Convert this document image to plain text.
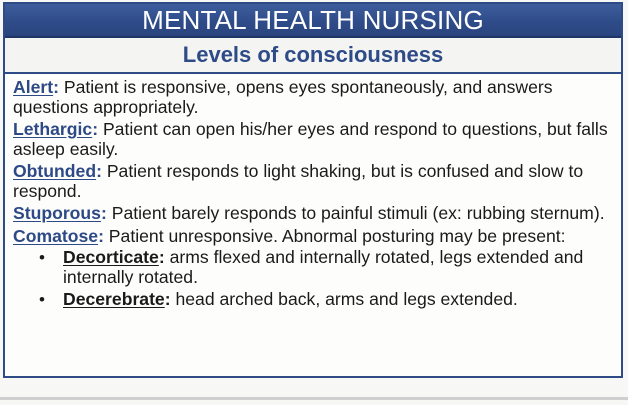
MENTAL HEALTH NURSING
Levels of consciousness

Alert: Patient is responsive, opens eyes spontaneously, and answers questions appropriately.

Lethargic: Patient can open his/her eyes and respond to questions, but falls asleep easily.

Obtunded: Patient responds to light shaking, but is confused and slow to respond.

Stuporous: Patient barely responds to painful stimuli (ex: rubbing sternum).

Comatose: Patient unresponsive. Abnormal posturing may be present:

• Decorticate: arms flexed and internally rotated, legs extended and internally rotated.
• Decerebrate: head arched back, arms and legs extended.
